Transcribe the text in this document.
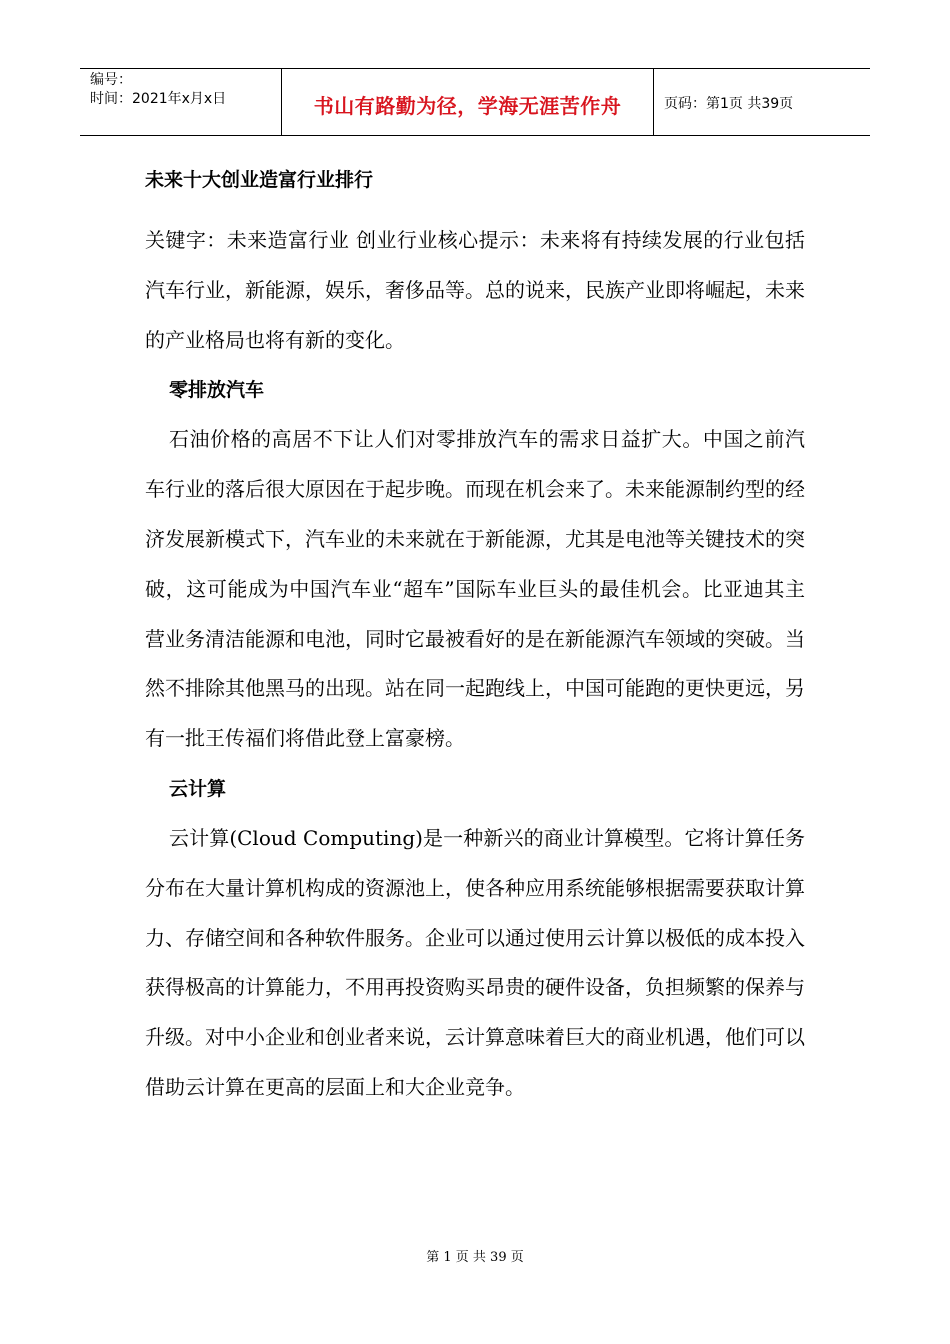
编号：
时间：2021年x月x日	书山有路勤为径，学海无涯苦作舟	页码：第1页 共39页
未来十大创业造富行业排行

关键字：未来造富行业 创业行业核心提示：未来将有持续发展的行业包括汽车行业，新能源，娱乐，奢侈品等。总的说来，民族产业即将崛起，未来的产业格局也将有新的变化。

零排放汽车

石油价格的高居不下让人们对零排放汽车的需求日益扩大。中国之前汽车行业的落后很大原因在于起步晚。而现在机会来了。未来能源制约型的经济发展新模式下，汽车业的未来就在于新能源，尤其是电池等关键技术的突破，这可能成为中国汽车业“超车”国际车业巨头的最佳机会。比亚迪其主营业务清洁能源和电池，同时它最被看好的是在新能源汽车领域的突破。当然不排除其他黑马的出现。站在同一起跑线上，中国可能跑的更快更远，另有一批王传福们将借此登上富豪榜。

云计算

云计算(Cloud Computing)是一种新兴的商业计算模型。它将计算任务分布在大量计算机构成的资源池上，使各种应用系统能够根据需要获取计算力、存储空间和各种软件服务。企业可以通过使用云计算以极低的成本投入获得极高的计算能力，不用再投资购买昂贵的硬件设备，负担频繁的保养与升级。对中小企业和创业者来说，云计算意味着巨大的商业机遇，他们可以借助云计算在更高的层面上和大企业竞争。

第 1 页 共 39 页
